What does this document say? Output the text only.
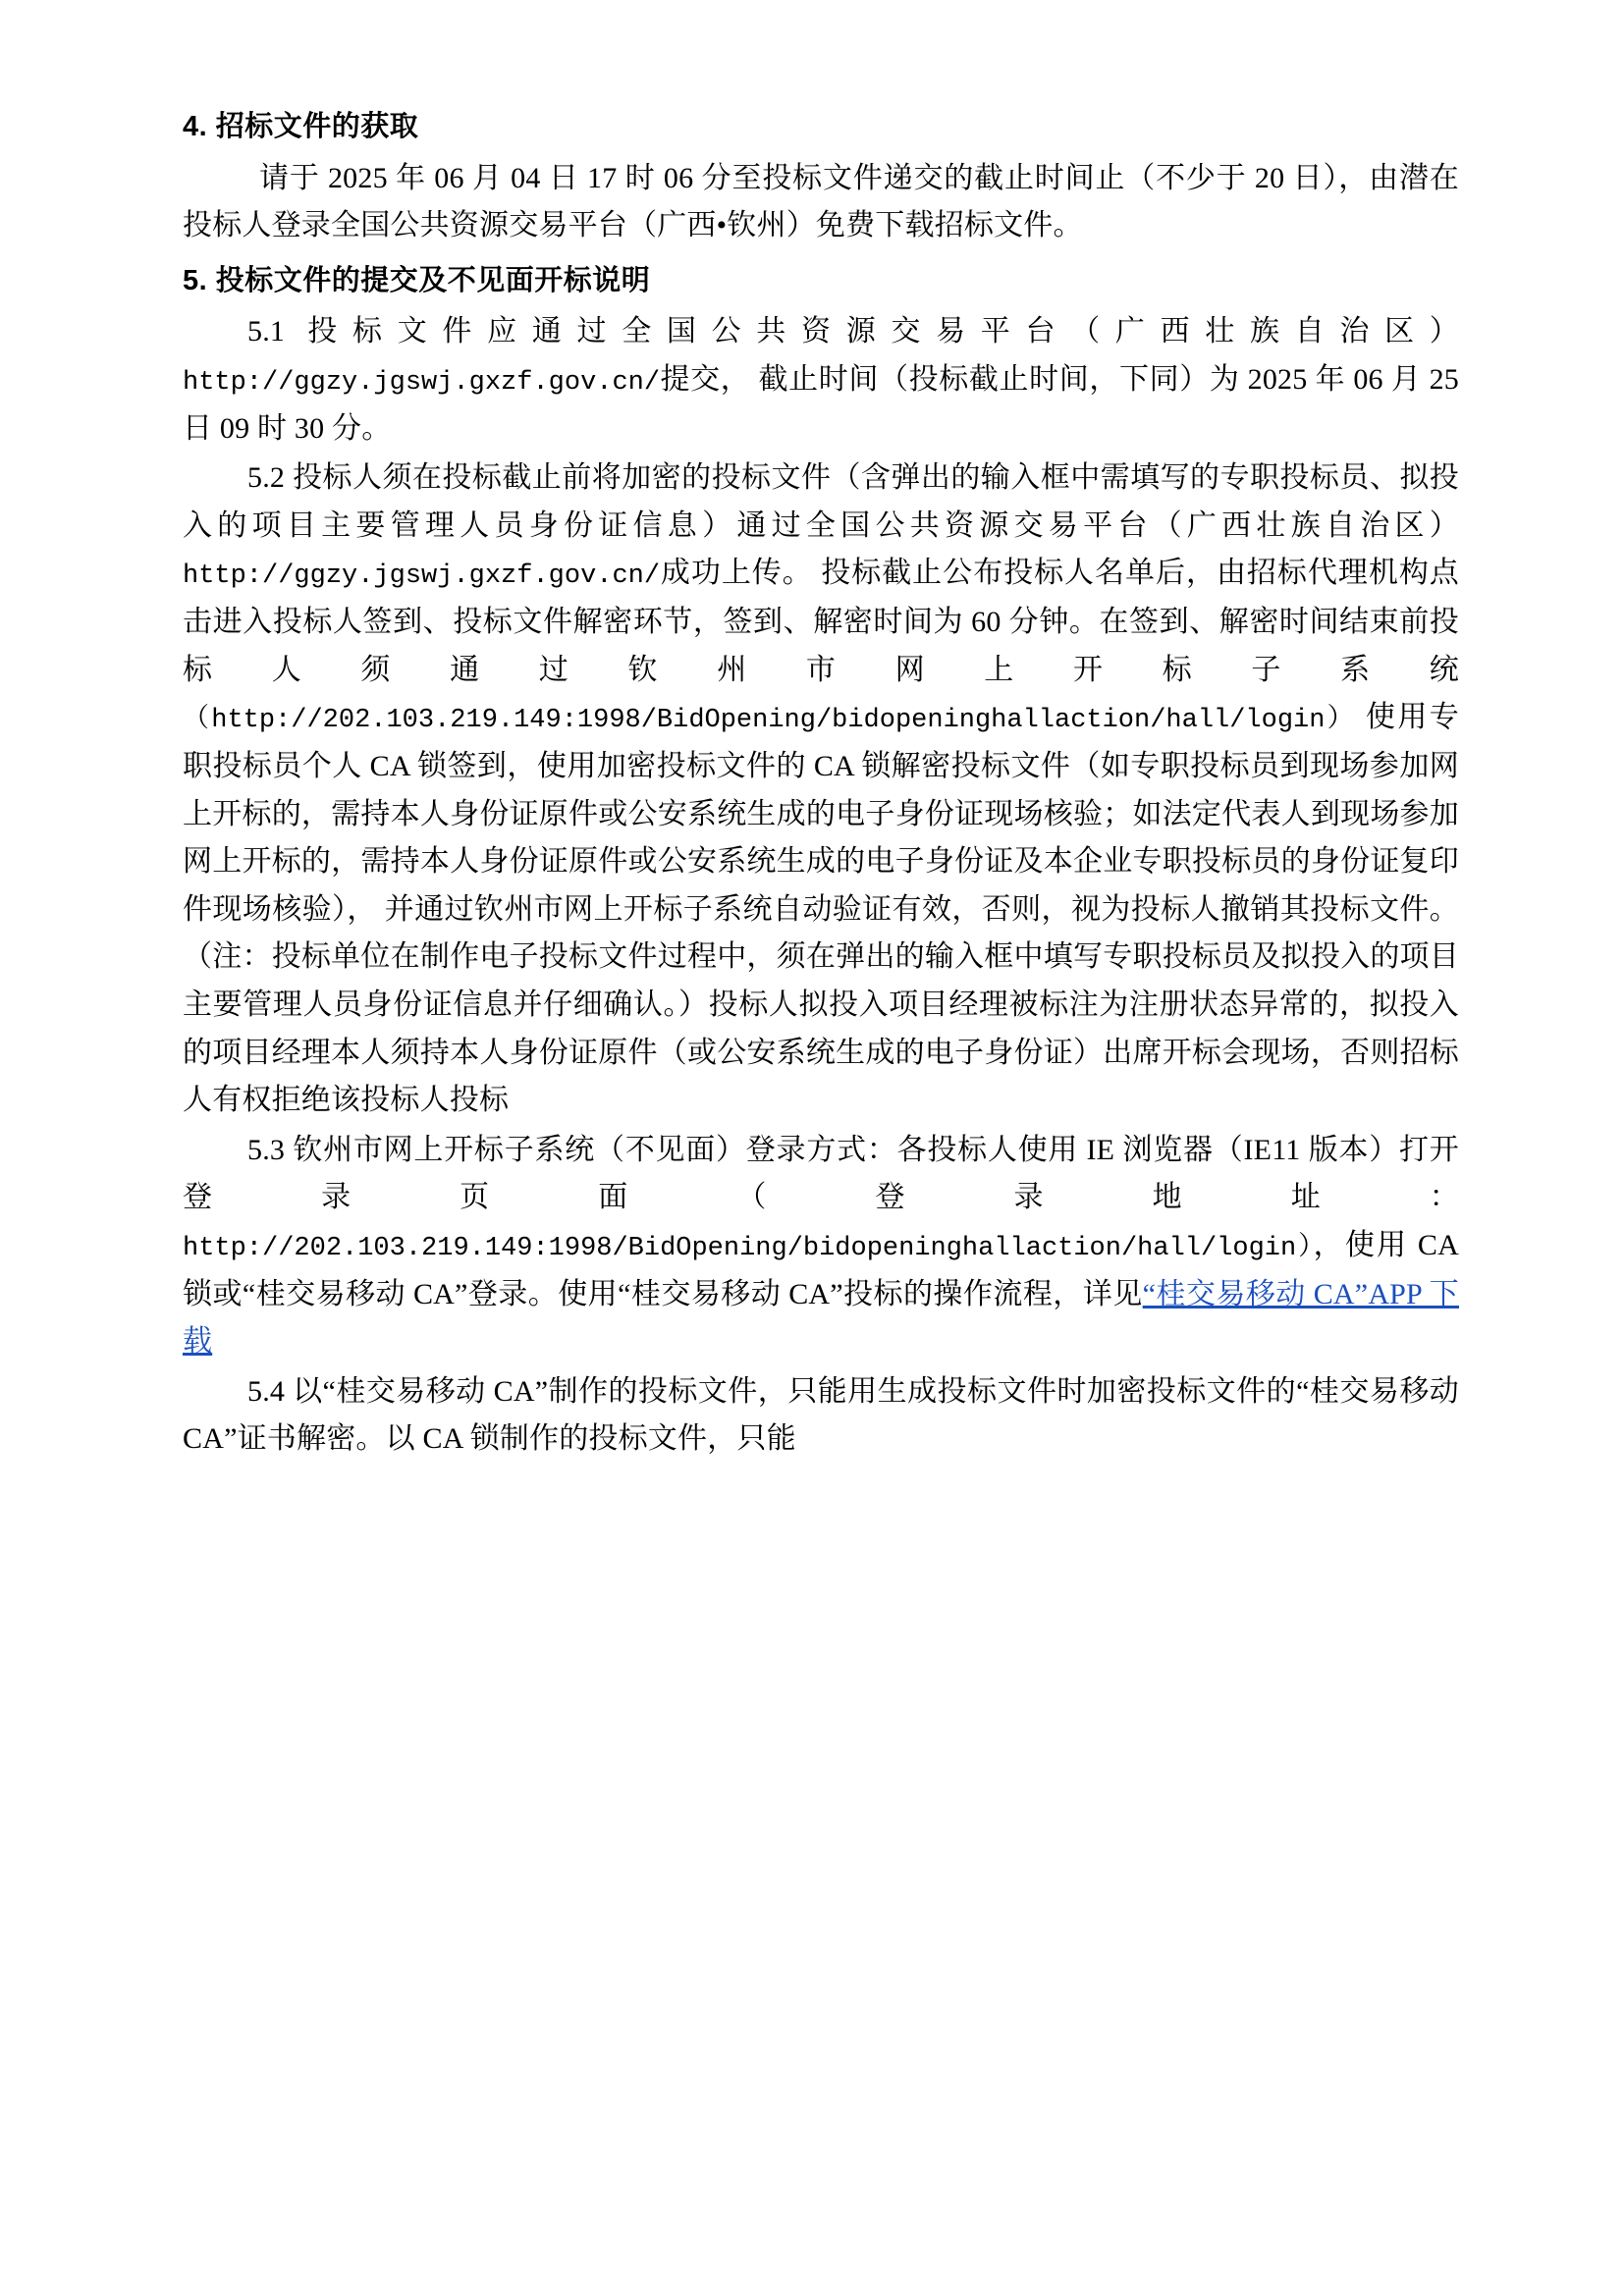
4. 招标文件的获取

请于 2025 年 06 月 04 日 17 时 06 分至投标文件递交的截止时间止（不少于 20 日），由潜在投标人登录全国公共资源交易平台（广西•钦州）免费下载招标文件。

5. 投标文件的提交及不见面开标说明

5.1 投标文件应通过全国公共资源交易平台（广西壮族自治区）http://ggzy.jgswj.gxzf.gov.cn/提交， 截止时间（投标截止时间，下同）为 2025 年 06 月 25 日 09 时 30 分。

5.2 投标人须在投标截止前将加密的投标文件（含弹出的输入框中需填写的专职投标员、拟投入的项目主要管理人员身份证信息）通过全国公共资源交易平台（广西壮族自治区）http://ggzy.jgswj.gxzf.gov.cn/成功上传。 投标截止公布投标人名单后，由招标代理机构点击进入投标人签到、投标文件解密环节，签到、解密时间为 60 分钟。在签到、解密时间结束前投标人须通过钦州市网上开标子系统（http://202.103.219.149:1998/BidOpening/bidopeninghallaction/hall/login） 使用专职投标员个人 CA 锁签到，使用加密投标文件的 CA 锁解密投标文件（如专职投标员到现场参加网上开标的，需持本人身份证原件或公安系统生成的电子身份证现场核验；如法定代表人到现场参加网上开标的，需持本人身份证原件或公安系统生成的电子身份证及本企业专职投标员的身份证复印件现场核验）， 并通过钦州市网上开标子系统自动验证有效，否则，视为投标人撤销其投标文件。（注：投标单位在制作电子投标文件过程中，须在弹出的输入框中填写专职投标员及拟投入的项目主要管理人员身份证信息并仔细确认。）投标人拟投入项目经理被标注为注册状态异常的，拟投入的项目经理本人须持本人身份证原件（或公安系统生成的电子身份证）出席开标会现场，否则招标人有权拒绝该投标人投标

5.3 钦州市网上开标子系统（不见面）登录方式：各投标人使用 IE 浏览器（IE11 版本）打开登录页面（登录地址：http://202.103.219.149:1998/BidOpening/bidopeninghallaction/hall/login），使用 CA 锁或“桂交易移动 CA”登录。使用“桂交易移动 CA”投标的操作流程，详见“桂交易移动 CA”APP 下载

5.4 以“桂交易移动 CA”制作的投标文件，只能用生成投标文件时加密投标文件的“桂交易移动 CA”证书解密。以 CA 锁制作的投标文件，只能
